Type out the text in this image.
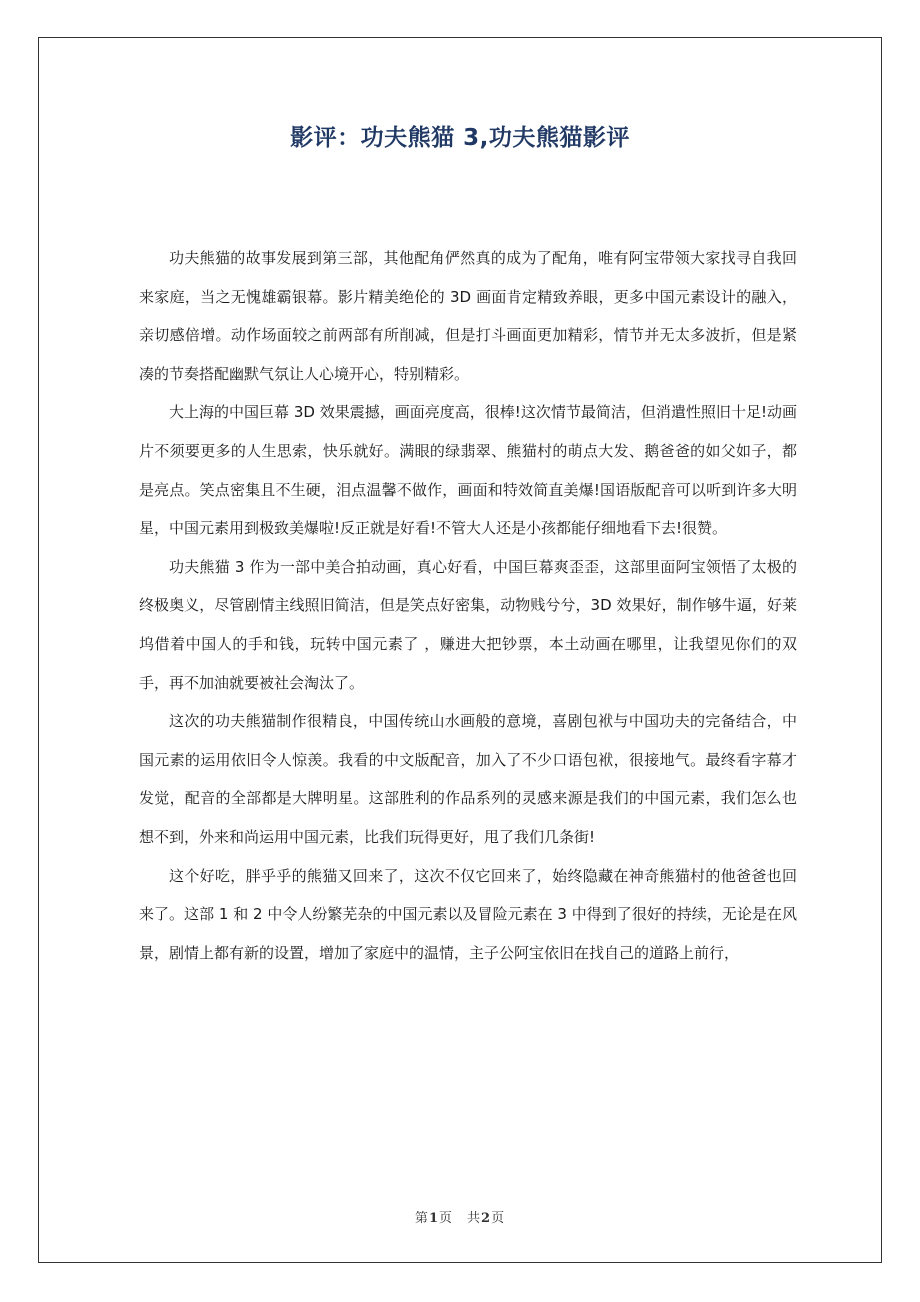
影评：功夫熊猫 3,功夫熊猫影评

功夫熊猫的故事发展到第三部，其他配角俨然真的成为了配角，唯有阿宝带领大家找寻自我回来家庭，当之无愧雄霸银幕。影片精美绝伦的 3D 画面肯定精致养眼，更多中国元素设计的融入，亲切感倍增。动作场面较之前两部有所削减，但是打斗画面更加精彩，情节并无太多波折，但是紧凑的节奏搭配幽默气氛让人心境开心，特别精彩。

大上海的中国巨幕 3D 效果震撼，画面亮度高，很棒!这次情节最简洁，但消遣性照旧十足!动画片不须要更多的人生思索，快乐就好。满眼的绿翡翠、熊猫村的萌点大发、鹅爸爸的如父如子，都是亮点。笑点密集且不生硬，泪点温馨不做作，画面和特效简直美爆!国语版配音可以听到许多大明星，中国元素用到极致美爆啦!反正就是好看!不管大人还是小孩都能仔细地看下去!很赞。

功夫熊猫 3 作为一部中美合拍动画，真心好看，中国巨幕爽歪歪，这部里面阿宝领悟了太极的终极奥义，尽管剧情主线照旧简洁，但是笑点好密集，动物贱兮兮，3D 效果好，制作够牛逼，好莱坞借着中国人的手和钱，玩转中国元素了 ，赚进大把钞票，本土动画在哪里，让我望见你们的双手，再不加油就要被社会淘汰了。

这次的功夫熊猫制作很精良，中国传统山水画般的意境，喜剧包袱与中国功夫的完备结合，中国元素的运用依旧令人惊羡。我看的中文版配音，加入了不少口语包袱，很接地气。最终看字幕才发觉，配音的全部都是大牌明星。这部胜利的作品系列的灵感来源是我们的中国元素，我们怎么也想不到，外来和尚运用中国元素，比我们玩得更好，甩了我们几条街!

这个好吃，胖乎乎的熊猫又回来了，这次不仅它回来了，始终隐藏在神奇熊猫村的他爸爸也回来了。这部 1 和 2 中令人纷繁芜杂的中国元素以及冒险元素在 3 中得到了很好的持续，无论是在风景，剧情上都有新的设置，增加了家庭中的温情，主子公阿宝依旧在找自己的道路上前行，

第1页 共2页
